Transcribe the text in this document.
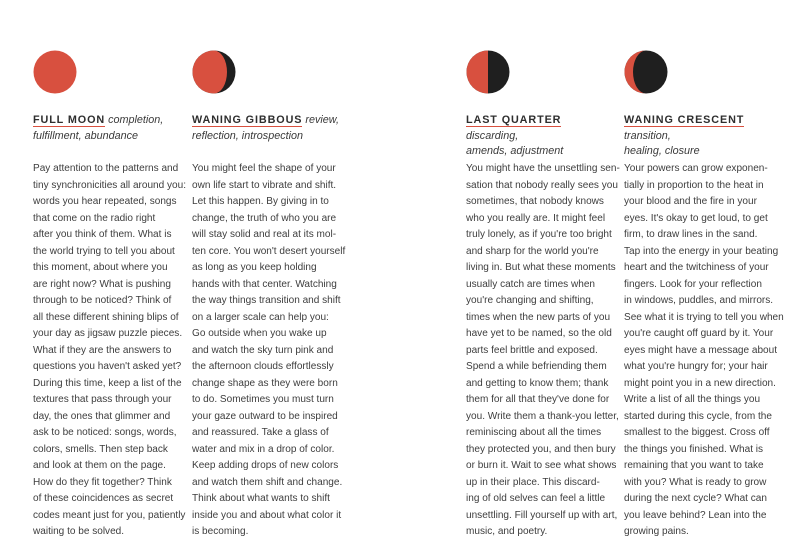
FULL MOON completion,
fulfillment, abundance
Pay attention to the patterns and
tiny synchronicities all around you:
words you hear repeated, songs
that come on the radio right
after you think of them. What is
the world trying to tell you about
this moment, about where you
are right now? What is pushing
through to be noticed? Think of
all these different shining blips of
your day as jigsaw puzzle pieces.
What if they are the answers to
questions you haven't asked yet?
During this time, keep a list of the
textures that pass through your
day, the ones that glimmer and
ask to be noticed: songs, words,
colors, smells. Then step back
and look at them on the page.
How do they fit together? Think
of these coincidences as secret
codes meant just for you, patiently
waiting to be solved.
WANING GIBBOUS review,
reflection, introspection
You might feel the shape of your
own life start to vibrate and shift.
Let this happen. By giving in to
change, the truth of who you are
will stay solid and real at its mol-
ten core. You won't desert yourself
as long as you keep holding
hands with that center. Watching
the way things transition and shift
on a larger scale can help you:
Go outside when you wake up
and watch the sky turn pink and
the afternoon clouds effortlessly
change shape as they were born
to do. Sometimes you must turn
your gaze outward to be inspired
and reassured. Take a glass of
water and mix in a drop of color.
Keep adding drops of new colors
and watch them shift and change.
Think about what wants to shift
inside you and about what color it
is becoming.
LAST QUARTER discarding,
amends, adjustment
You might have the unsettling sen-
sation that nobody really sees you
sometimes, that nobody knows
who you really are. It might feel
truly lonely, as if you're too bright
and sharp for the world you're
living in. But what these moments
usually catch are times when
you're changing and shifting,
times when the new parts of you
have yet to be named, so the old
parts feel brittle and exposed.
Spend a while befriending them
and getting to know them; thank
them for all that they've done for
you. Write them a thank-you letter,
reminiscing about all the times
they protected you, and then bury
or burn it. Wait to see what shows
up in their place. This discard-
ing of old selves can feel a little
unsettling. Fill yourself up with art,
music, and poetry.
WANING CRESCENT transition,
healing, closure
Your powers can grow exponen-
tially in proportion to the heat in
your blood and the fire in your
eyes. It's okay to get loud, to get
firm, to draw lines in the sand.
Tap into the energy in your beating
heart and the twitchiness of your
fingers. Look for your reflection
in windows, puddles, and mirrors.
See what it is trying to tell you when
you're caught off guard by it. Your
eyes might have a message about
what you're hungry for; your hair
might point you in a new direction.
Write a list of all the things you
started during this cycle, from the
smallest to the biggest. Cross off
the things you finished. What is
remaining that you want to take
with you? What is ready to grow
during the next cycle? What can
you leave behind? Lean into the
growing pains.
